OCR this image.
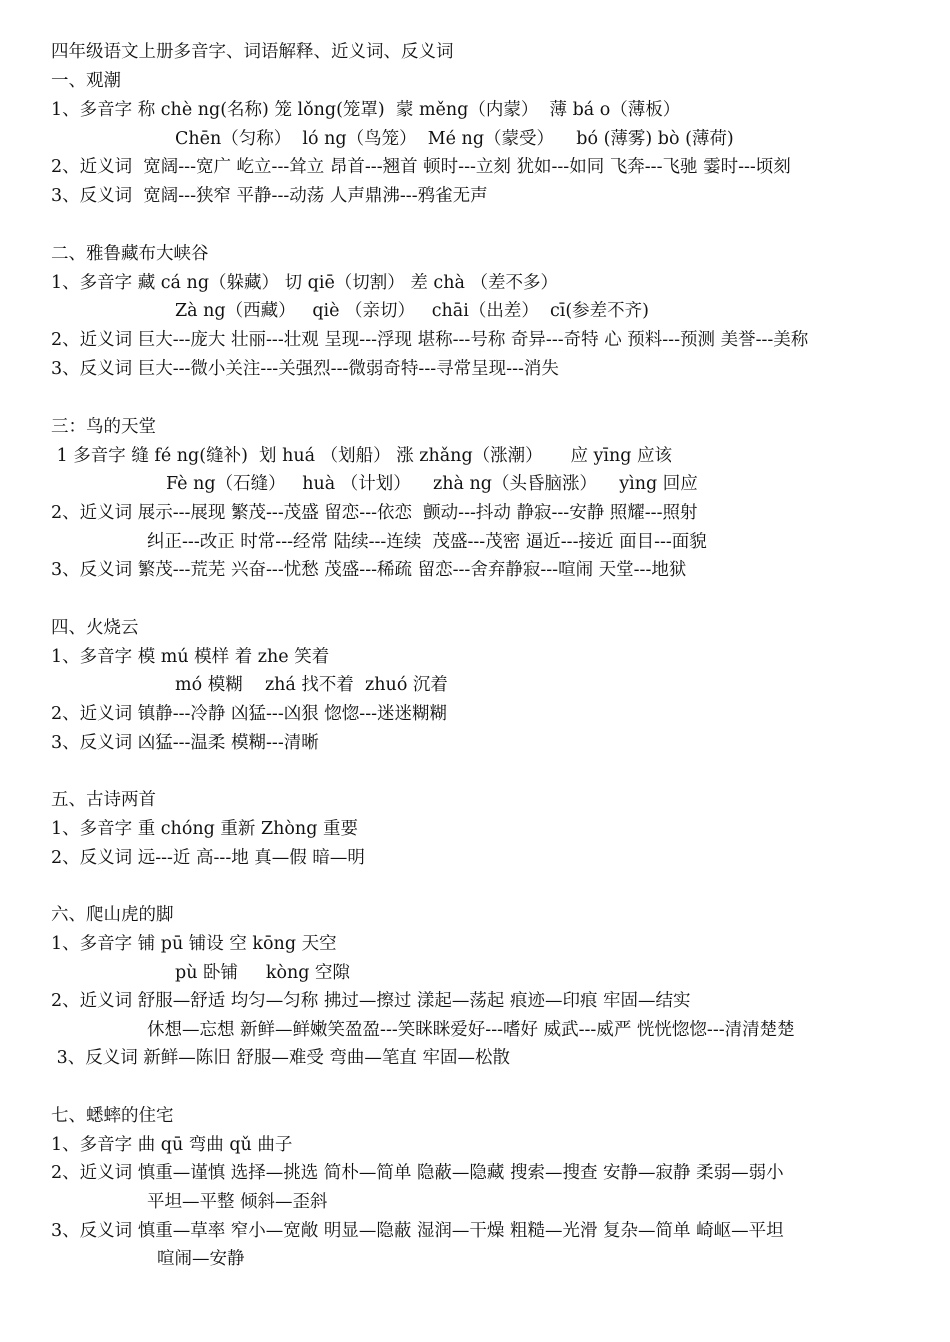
四年级语文上册多音字、词语解释、近义词、反义词
一、观潮
1、多音字 称 chè ng(名称) 笼 lǒng(笼罩)  蒙 měng（内蒙）  薄 bá o（薄板）
Chēn（匀称）  ló ng（鸟笼）  Mé ng（蒙受）    bó (薄雾) bò (薄荷)
2、近义词  宽阔---宽广 屹立---耸立 昂首---翘首 顿时---立刻 犹如---如同 飞奔---飞驰 霎时---顷刻
3、反义词  宽阔---狭窄 平静---动荡 人声鼎沸---鸦雀无声
二、雅鲁藏布大峡谷
1、多音字 藏 cá ng（躲藏） 切 qiē（切割） 差 chà （差不多）
Zà ng（西藏）   qiè （亲切）   chāi（出差）  cī(参差不齐)
2、近义词 巨大---庞大 壮丽---壮观 呈现---浮现 堪称---号称 奇异---奇特 心 预料---预测 美誉---美称
3、反义词 巨大---微小关注---关强烈---微弱奇特---寻常呈现---消失
三：鸟的天堂
1 多音字 缝 fé ng(缝补)  划 huá （划船） 涨 zhǎng（涨潮）     应 yīng 应该
Fè ng（石缝）   huà （计划）    zhà ng（头昏脑涨）    yìng 回应
2、近义词 展示---展现 繁茂---茂盛 留恋---依恋  颤动---抖动 静寂---安静 照耀---照射
纠正---改正 时常---经常 陆续---连续  茂盛---茂密 逼近---接近 面目---面貌
3、反义词 繁茂---荒芜 兴奋---忧愁 茂盛---稀疏 留恋---舍弃静寂---喧闹 天堂---地狱
四、火烧云
1、多音字 模 mú 模样 着 zhe 笑着
mó 模糊    zhá 找不着  zhuó 沉着
2、近义词 镇静---冷静 凶猛---凶狠 惚惚---迷迷糊糊
3、反义词 凶猛---温柔 模糊---清晰
五、古诗两首
1、多音字 重 chóng 重新 Zhòng 重要
2、反义词 远---近 高---地 真—假 暗—明
六、爬山虎的脚
1、多音字 铺 pū 铺设 空 kōng 天空
pù 卧铺     kòng 空隙
2、近义词 舒服—舒适 均匀—匀称 拂过—擦过 漾起—荡起 痕迹—印痕 牢固—结实
休想—忘想 新鲜—鲜嫩笑盈盈---笑眯眯爱好---嗜好 威武---威严 恍恍惚惚---清清楚楚
3、反义词 新鲜—陈旧 舒服—难受 弯曲—笔直 牢固—松散
七、蟋蟀的住宅
1、多音字 曲 qū 弯曲 qǔ 曲子
2、近义词 慎重—谨慎 选择—挑选 简朴—简单 隐蔽—隐藏 搜索—搜查 安静—寂静 柔弱—弱小
平坦—平整 倾斜—歪斜
3、反义词 慎重—草率 窄小—宽敞 明显—隐蔽 湿润—干燥 粗糙—光滑 复杂—简单 崎岖—平坦
喧闹—安静
